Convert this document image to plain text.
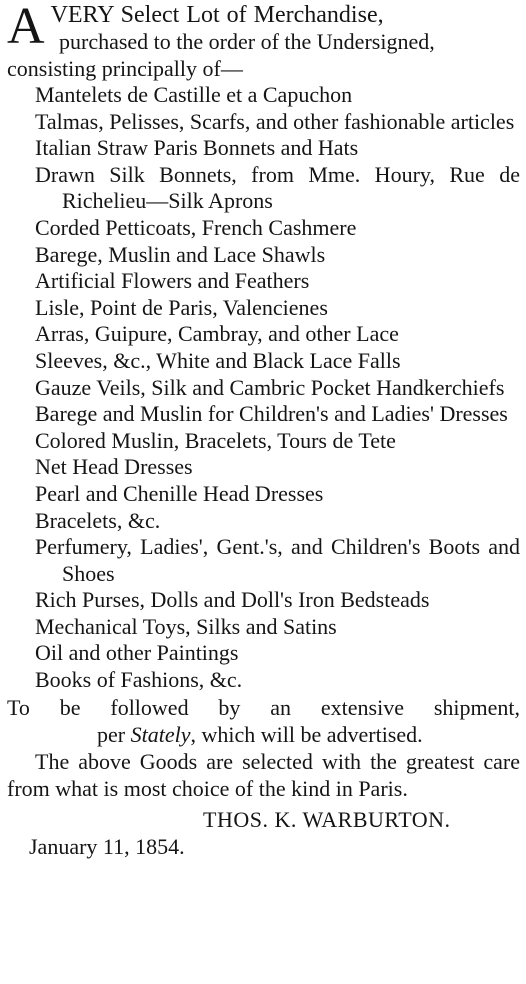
A VERY Select Lot of Merchandise,
purchased to the order of the Undersigned,
consisting principally of—
Mantelets de Castille et a Capuchon
Talmas, Pelisses, Scarfs, and other fashionable articles
Italian Straw Paris Bonnets and Hats
Drawn Silk Bonnets, from Mme. Houry, Rue de Richelieu—Silk Aprons
Corded Petticoats, French Cashmere
Barege, Muslin and Lace Shawls
Artificial Flowers and Feathers
Lisle, Point de Paris, Valencienes
Arras, Guipure, Cambray, and other Lace
Sleeves, &c., White and Black Lace Falls
Gauze Veils, Silk and Cambric Pocket Handkerchiefs
Barege and Muslin for Children's and Ladies' Dresses
Colored Muslin, Bracelets, Tours de Tete
Net Head Dresses
Pearl and Chenille Head Dresses
Bracelets, &c.
Perfumery, Ladies', Gent.'s, and Children's Boots and Shoes
Rich Purses, Dolls and Doll's Iron Bedsteads
Mechanical Toys, Silks and Satins
Oil and other Paintings
Books of Fashions, &c.

To be followed by an extensive shipment,
per Stately, which will be advertised.

The above Goods are selected with the greatest care from what is most choice of the kind in Paris.

THOS. K. WARBURTON.
January 11, 1854.
